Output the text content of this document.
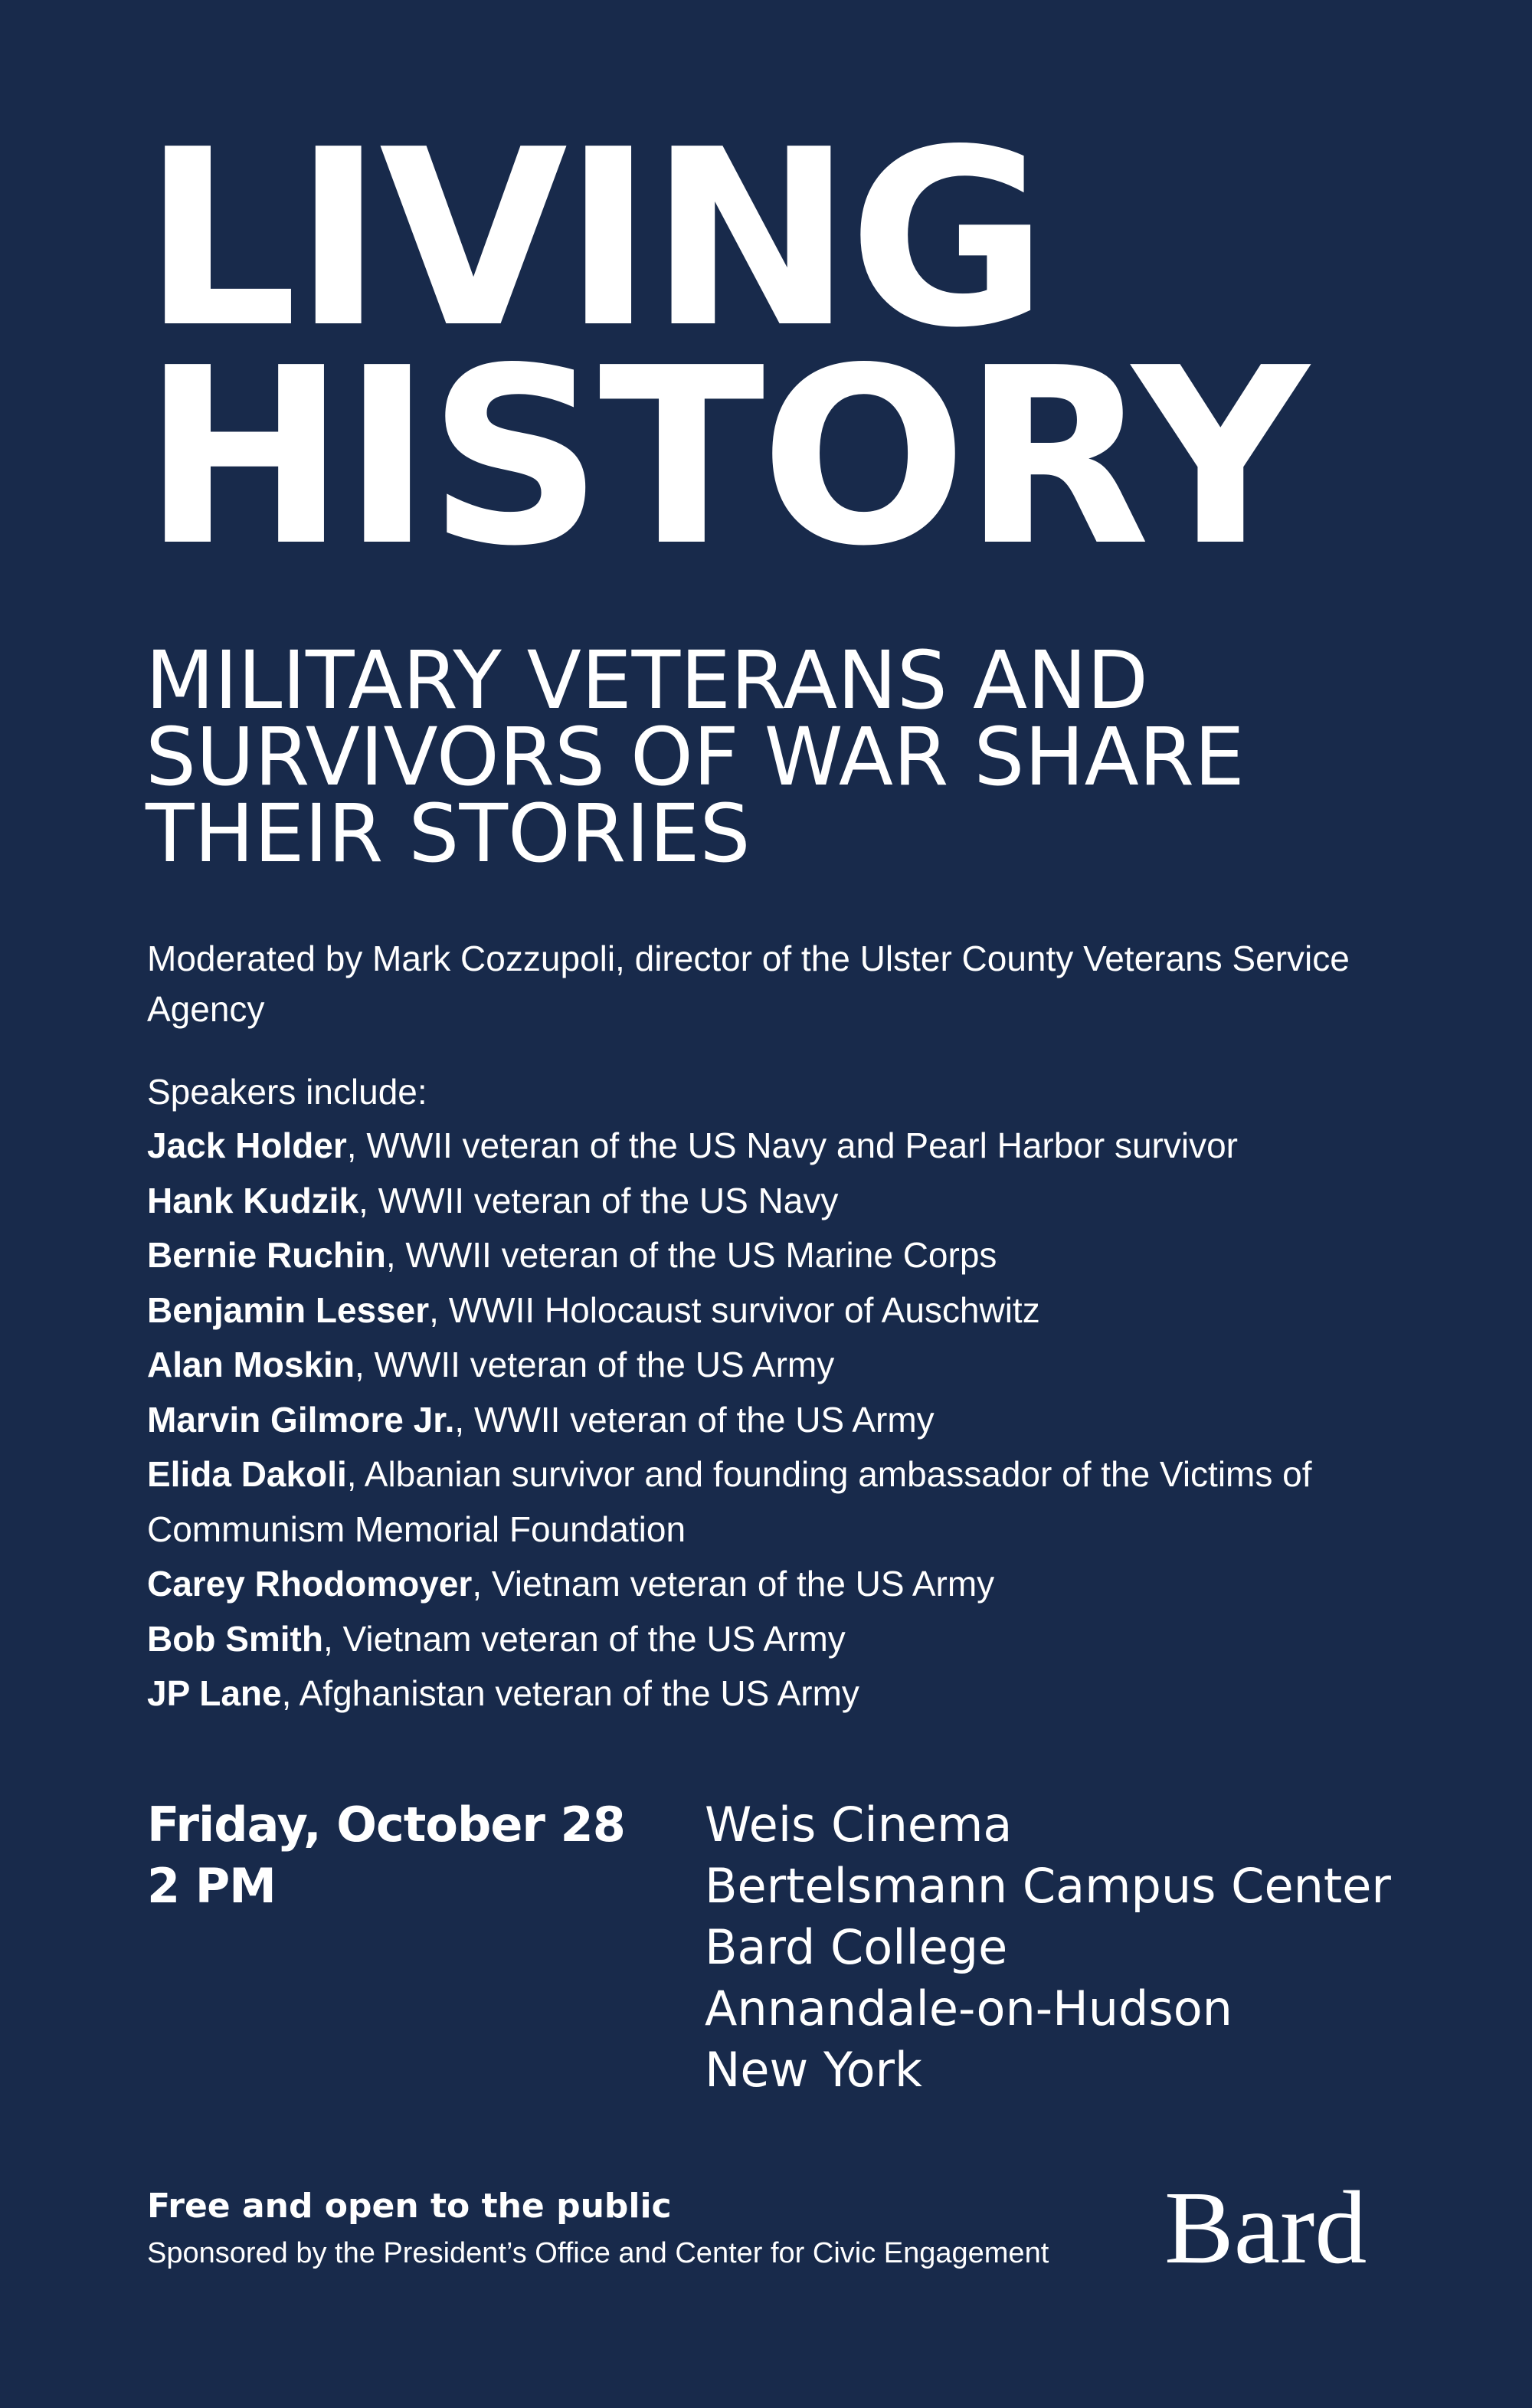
LIVING
HISTORY
MILITARY VETERANS AND
SURVIVORS OF WAR SHARE
THEIR STORIES

Moderated by Mark Cozzupoli, director of the Ulster County Veterans Service Agency

Speakers include:

Jack Holder, WWII veteran of the US Navy and Pearl Harbor survivor
Hank Kudzik, WWII veteran of the US Navy
Bernie Ruchin, WWII veteran of the US Marine Corps
Benjamin Lesser, WWII Holocaust survivor of Auschwitz
Alan Moskin, WWII veteran of the US Army
Marvin Gilmore Jr., WWII veteran of the US Army
Elida Dakoli, Albanian survivor and founding ambassador of the Victims of Communism Memorial Foundation
Carey Rhodomoyer, Vietnam veteran of the US Army
Bob Smith, Vietnam veteran of the US Army
JP Lane, Afghanistan veteran of the US Army
Friday, October 28
2 PM
Weis Cinema
Bertelsmann Campus Center
Bard College
Annandale-on-Hudson
New York
Free and open to the public
Sponsored by the President’s Office and Center for Civic Engagement Bard
